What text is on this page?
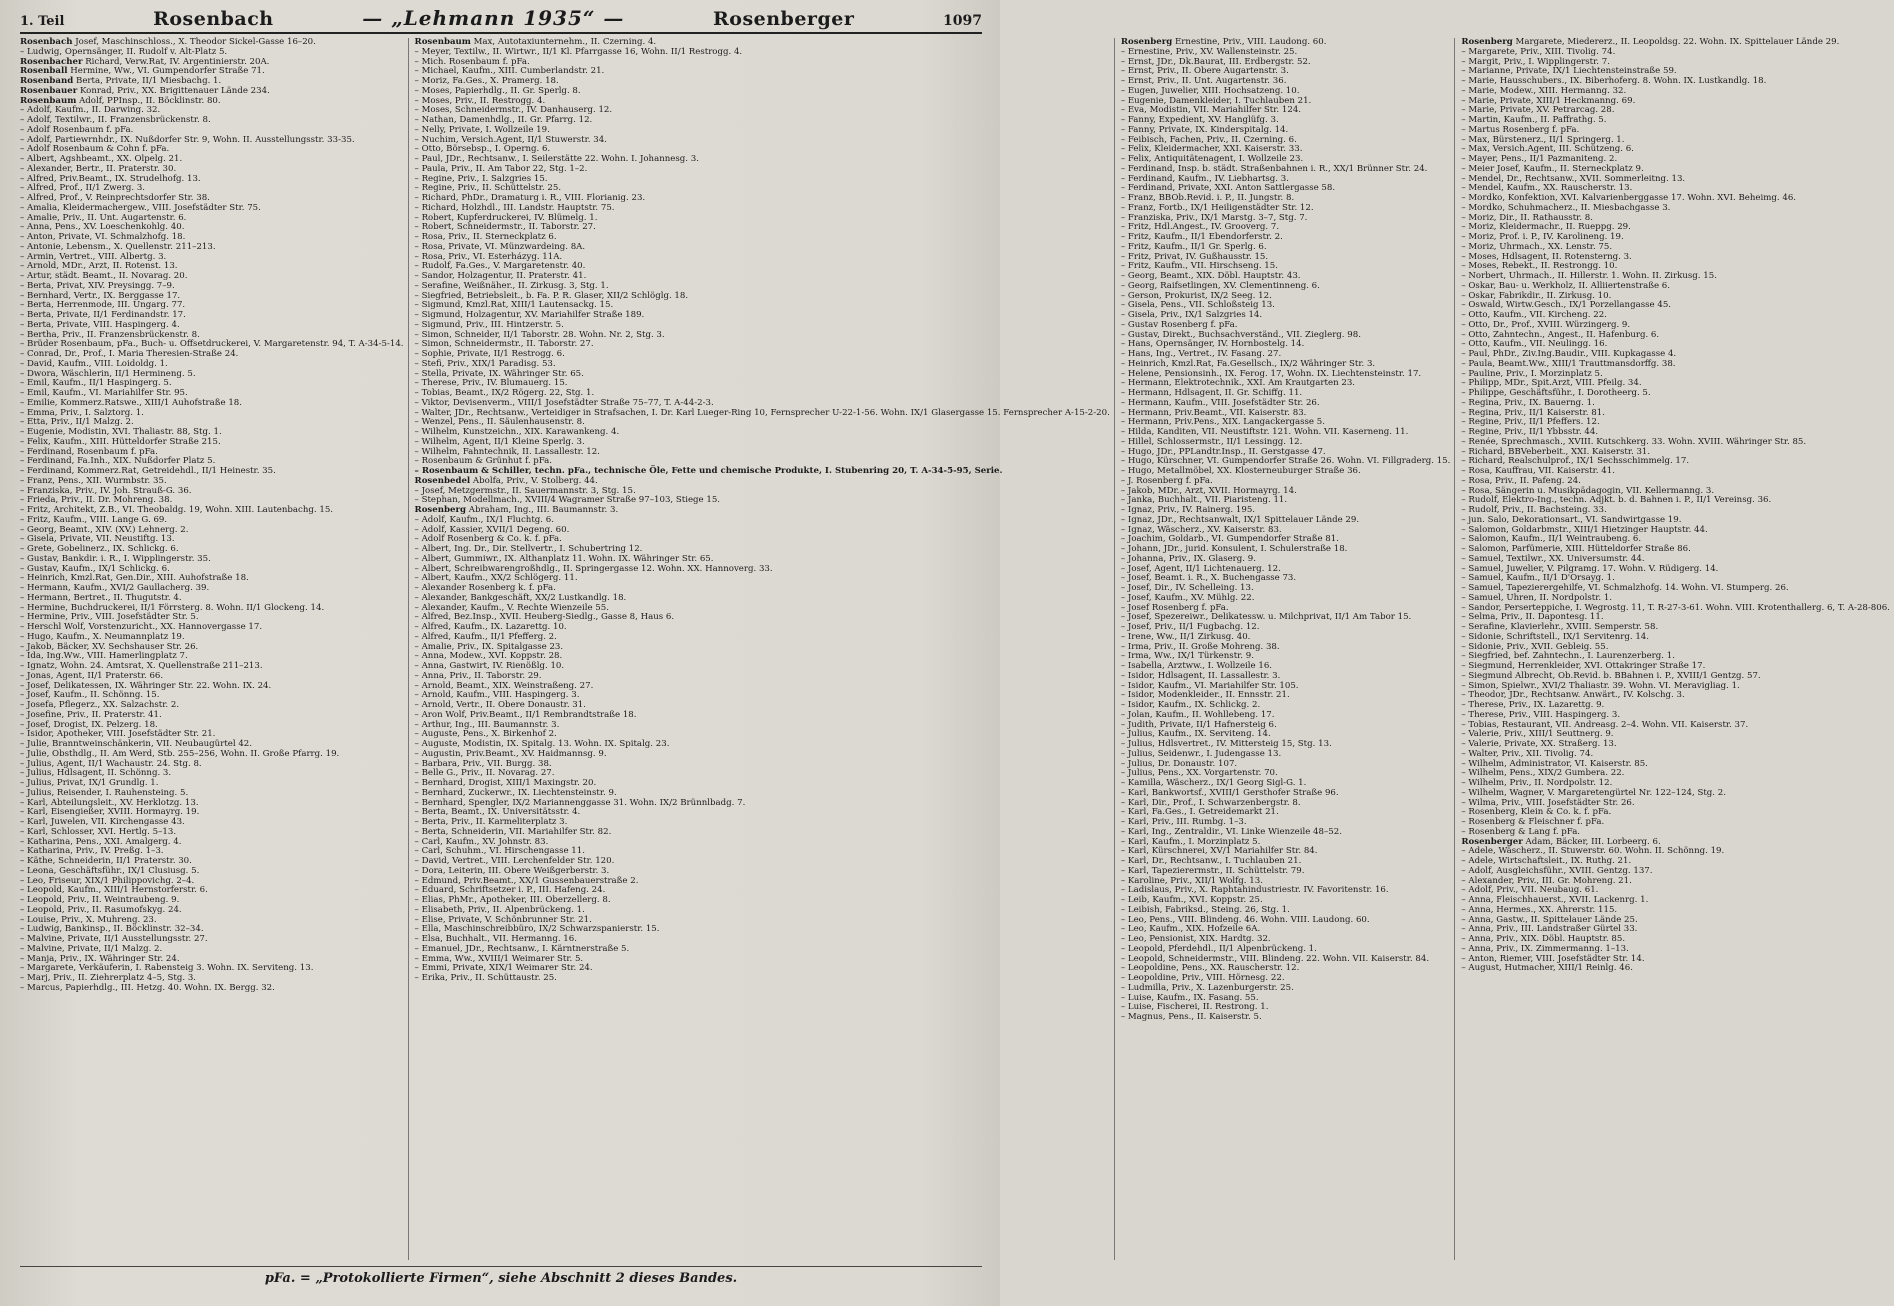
1. Teil	Rosenbach	— „Lehmann 1935“ —	Rosenberger	1097
Rosenbach Josef, Maschinschloss., X. Theodor Sickel-Gasse 16–20.
– Ludwig, Opernsänger, II. Rudolf v. Alt-Platz 5.
Rosenbacher Richard, Verw.Rat, IV. Argentinierstr. 20A.
Rosenball Hermine, Ww., VI. Gumpendorfer Straße 71.
Rosenband Berta, Private, II/1 Miesbachg. 1.
Rosenbauer Konrad, Priv., XX. Brigittenauer Lände 234.
Rosenbaum Adolf, PPInsp., II. Böcklinstr. 80.
– Adolf, Kaufm., II. Darwing. 32.
– Adolf, Textilwr., II. Franzensbrückenstr. 8.
– Adolf Rosenbaum f. pFa.
– Adolf, Partiewrnhdr., IX. Nußdorfer Str. 9, Wohn. II. Ausstellungsstr. 33-35.
– Adolf Rosenbaum & Cohn f. pFa.
– Albert, Agshbeamt., XX. Olpelg. 21.
– Alexander, Bertr., II. Praterstr. 30.
– Alfred, Priv.Beamt., IX. Strudelhofg. 13.
– Alfred, Prof., II/1 Zwerg. 3.
– Alfred, Prof., V. Reinprechtsdorfer Str. 38.
– Amalia, Kleidermachergew., VIII. Josefstädter Str. 75.
– Amalie, Priv., II. Unt. Augartenstr. 6.
– Anna, Pens., XV. Loeschenkohlg. 40.
– Anton, Private, VI. Schmalzhofg. 18.
– Antonie, Lebensm., X. Quellenstr. 211–213.
– Armin, Vertret., VIII. Albertg. 3.
– Arnold, MDr., Arzt, II. Rotenst. 13.
– Artur, städt. Beamt., II. Novarag. 20.
– Berta, Privat, XIV. Preysingg. 7–9.
– Bernhard, Vertr., IX. Berggasse 17.
– Berta, Herrenmode, III. Ungarg. 77.
– Berta, Private, II/1 Ferdinandstr. 17.
– Berta, Private, VIII. Haspingerg. 4.
– Bertha, Priv., II. Franzensbrückenstr. 8.
– Brüder Rosenbaum, pFa., Buch- u. Offsetdruckerei, V. Margaretenstr. 94, T. A-34-5-14.
– Conrad, Dr., Prof., I. Maria Theresien-Straße 24.
– David, Kaufm., VIII. Loidoldg. 1.
– Dwora, Wäschlerin, II/1 Hermineng. 5.
– Emil, Kaufm., II/1 Haspingerg. 5.
– Emil, Kaufm., VI. Mariahilfer Str. 95.
– Emilie, Kommerz.Ratswe., XIII/1 Auhofstraße 18.
– Emma, Priv., I. Salztorg. 1.
– Etta, Priv., II/1 Malzg. 2.
– Eugenie, Modistin, XVI. Thaliastr. 88, Stg. 1.
– Felix, Kaufm., XIII. Hütteldorfer Straße 215.
– Ferdinand, Rosenbaum f. pFa.
– Ferdinand, Fa.Inh., XIX. Nußdorfer Platz 5.
– Ferdinand, Kommerz.Rat, Getreidehdl., II/1 Heinestr. 35.
– Franz, Pens., XII. Wurmbstr. 35.
– Franziska, Priv., IV. Joh. Strauß-G. 36.
– Frieda, Priv., II. Dr. Mohreng. 38.
– Fritz, Architekt, Z.B., VI. Theobaldg. 19, Wohn. XIII. Lautenbachg. 15.
– Fritz, Kaufm., VIII. Lange G. 69.
– Georg, Beamt., XIV. (XV.) Lehnerg. 2.
– Gisela, Private, VII. Neustiftg. 13.
– Grete, Gobelinerz., IX. Schlickg. 6.
– Gustav, Bankdir. i. R., I. Wipplingerstr. 35.
– Gustav, Kaufm., IX/1 Schlickg. 6.
– Heinrich, Kmzl.Rat, Gen.Dir., XIII. Auhofstraße 18.
– Hermann, Kaufm., XVI/2 Gaullacherg. 39.
– Hermann, Bertret., II. Thugutstr. 4.
– Hermine, Buchdruckerei, II/1 Förrsterg. 8. Wohn. II/1 Glockeng. 14.
– Hermine, Priv., VIII. Josefstädter Str. 5.
– Herschl Wolf, Vorstenzuricht., XX. Hannovergasse 17.
– Hugo, Kaufm., X. Neumannplatz 19.
– Jakob, Bäcker, XV. Sechshauser Str. 26.
– Ida, Ing.Ww., VIII. Hamerlingplatz 7.
– Ignatz, Wohn. 24. Amtsrat, X. Quellenstraße 211–213.
– Jonas, Agent, II/1 Praterstr. 66.
– Josef, Delikatessen, IX. Währinger Str. 22. Wohn. IX. 24.
– Josef, Kaufm., II. Schönng. 15.
– Josefa, Pflegerz., XX. Salzachstr. 2.
– Josefine, Priv., II. Praterstr. 41.
– Josef, Drogist, IX. Pelzerg. 18.
– Isidor, Apotheker, VIII. Josefstädter Str. 21.
– Julie, Branntweinschänkerin, VII. Neubaugürtel 42.
– Julie, Obsthdlg., II. Am Werd, Stb. 255–256, Wohn. II. Große Pfarrg. 19.
– Julius, Agent, II/1 Wachaustr. 24. Stg. 8.
– Julius, Hdlsagent, II. Schönng. 3.
– Julius, Privat, IX/1 Grundlg. 1.
– Julius, Reisender, I. Rauhensteing. 5.
– Karl, Abteilungsleit., XV. Herklotzg. 13.
– Karl, Eisengießer, XVIII. Hormayrg. 19.
– Karl, Juwelen, VII. Kirchengasse 43.
– Karl, Schlosser, XVI. Hertlg. 5–13.
– Katharina, Pens., XXI. Amalgerg. 4.
– Katharina, Priv., IV. Preßg. 1–3.
– Käthe, Schneiderin, II/1 Praterstr. 30.
– Leona, Geschäftsführ., IX/1 Clusiusg. 5.
– Leo, Friseur, XIX/1 Philippovichg. 2–4.
– Leopold, Kaufm., XIII/1 Hernstorferstr. 6.
– Leopold, Priv., II. Weintraubeng. 9.
– Leopold, Priv., II. Rasumofskyg. 24.
– Louise, Priv., X. Muhreng. 23.
– Ludwig, Bankinsp., II. Böcklinstr. 32–34.
– Malvine, Private, II/1 Ausstellungsstr. 27.
– Malvine, Private, II/1 Malzg. 2.
– Manja, Priv., IX. Währinger Str. 24.
– Margarete, Verkäuferin, I. Rabensteig 3. Wohn. IX. Serviteng. 13.
– Marj, Priv., II. Ziehrerplatz 4–5, Stg. 3.
– Marcus, Papierhdlg., III. Hetzg. 40. Wohn. IX. Bergg. 32.
Rosenbaum Max, Autotaxiunternehm., II. Czerning. 4.
– Meyer, Textilw., II. Wirtwr., II/1 Kl. Pfarrgasse 16, Wohn. II/1 Restrogg. 4.
– Mich. Rosenbaum f. pFa.
– Michael, Kaufm., XIII. Cumberlandstr. 21.
– Moriz, Fa.Ges., X. Pramerg. 18.
– Moses, Papierhdlg., II. Gr. Sperlg. 8.
– Moses, Priv., II. Restrogg. 4.
– Moses, Schneidermstr., IV. Danhauserg. 12.
– Nathan, Damenhdlg., II. Gr. Pfarrg. 12.
– Nelly, Private, I. Wollzeile 19.
– Nuchim, Versich.Agent, II/1 Stuwerstr. 34.
– Otto, Börsebsp., I. Operng. 6.
– Paul, JDr., Rechtsanw., I. Seilerstätte 22. Wohn. I. Johannesg. 3.
– Paula, Priv., II. Am Tabor 22, Stg. 1–2.
– Regine, Priv., I. Salzgries 15.
– Regine, Priv., II. Schüttelstr. 25.
– Richard, PhDr., Dramaturg i. R., VIII. Florianig. 23.
– Richard, Holzhdl., III. Landstr. Hauptstr. 75.
– Robert, Kupferdruckerei, IV. Blümelg. 1.
– Robert, Schneidermstr., II. Taborstr. 27.
– Rosa, Priv., II. Sterneckplatz 6.
– Rosa, Private, VI. Münzwardeing. 8A.
– Rosa, Priv., VI. Esterházyg. 11A.
– Rudolf, Fa.Ges., V. Margaretenstr. 40.
– Sandor, Holzagentur, II. Praterstr. 41.
– Serafine, Weißnäher., II. Zirkusg. 3, Stg. 1.
– Siegfried, Betriebsleit., b. Fa. P. R. Glaser, XII/2 Schlöglg. 18.
– Sigmund, Kmzl.Rat, XIII/1 Lautensackg. 15.
– Sigmund, Holzagentur, XV. Mariahilfer Straße 189.
– Sigmund, Priv., III. Hintzerstr. 5.
– Simon, Schneider, II/1 Taborstr. 28. Wohn. Nr. 2, Stg. 3.
– Simon, Schneidermstr., II. Taborstr. 27.
– Sophie, Private, II/1 Restrogg. 6.
– Stefi, Priv., XIX/1 Paradisg. 53.
– Stella, Private, IX. Währinger Str. 65.
– Therese, Priv., IV. Blumauerg. 15.
– Tobias, Beamt., IX/2 Rögerg. 22, Stg. 1.
– Viktor, Devisenverm., VIII/1 Josefstädter Straße 75–77, T. A-44-2-3.
– Walter, JDr., Rechtsanw., Verteidiger in Strafsachen, I. Dr. Karl Lueger-Ring 10, Fernsprecher U-22-1-56. Wohn. IX/1 Glasergasse 15. Fernsprecher A-15-2-20.
– Wenzel, Pens., II. Säulenhausenstr. 8.
– Wilhelm, Kunstzeichn., XIX. Karawankeng. 4.
– Wilhelm, Agent, II/1 Kleine Sperlg. 3.
– Wilhelm, Fahntechnik, II. Lassallestr. 12.
– Rosenbaum & Grünhut f. pFa.
– Rosenbaum & Schiller, techn. pFa., technische Öle, Fette und chemische Produkte, I. Stubenring 20, T. A-34-5-95, Serie.
Rosenbedel Abolfa, Priv., V. Stolberg. 44.
– Josef, Metzgermstr., II. Sauermannstr. 3, Stg. 15.
– Stephan, Modellmach., XVIII/4 Wagramer Straße 97–103, Stiege 15.
Rosenberg Abraham, Ing., III. Baumannstr. 3.
– Adolf, Kaufm., IX/1 Fluchtg. 6.
– Adolf, Kassier, XVII/1 Degeng. 60.
– Adolf Rosenberg & Co. k. f. pFa.
– Albert, Ing. Dr., Dir. Stellvertr., I. Schubertring 12.
– Albert, Gummiwr., IX. Althanplatz 11. Wohn. IX. Währinger Str. 65.
– Albert, Schreibwarengroßhdlg., II. Springergasse 12. Wohn. XX. Hannoverg. 33.
– Albert, Kaufm., XX/2 Schlögerg. 11.
– Alexander Rosenberg k. f. pFa.
– Alexander, Bankgeschäft, XX/2 Lustkandlg. 18.
– Alexander, Kaufm., V. Rechte Wienzeile 55.
– Alfred, Bez.Insp., XVII. Heuberg-Siedlg., Gasse 8, Haus 6.
– Alfred, Kaufm., IX. Lazarettg. 10.
– Alfred, Kaufm., II/1 Pfefferg. 2.
– Amalie, Priv., IX. Spitalgasse 23.
– Anna, Modew., XVI. Koppstr. 28.
– Anna, Gastwirt, IV. Rienößlg. 10.
– Anna, Priv., II. Taborstr. 29.
– Arnold, Beamt., XIX. Weinstraßeng. 27.
– Arnold, Kaufm., VIII. Haspingerg. 3.
– Arnold, Vertr., II. Obere Donaustr. 31.
– Aron Wolf, Priv.Beamt., II/1 Rembrandtstraße 18.
– Arthur, Ing., III. Baumannstr. 3.
– Auguste, Pens., X. Birkenhof 2.
– Auguste, Modistin, IX. Spitalg. 13. Wohn. IX. Spitalg. 23.
– Augustin, Priv.Beamt., XV. Haidmannsg. 9.
– Barbara, Priv., VII. Burgg. 38.
– Belle G., Priv., II. Novarag. 27.
– Bernhard, Drogist, XIII/1 Maxingstr. 20.
– Bernhard, Zuckerwr., IX. Liechtensteinstr. 9.
– Bernhard, Spengler, IX/2 Mariannenggasse 31. Wohn. IX/2 Brünnlbadg. 7.
– Berta, Beamt., IX. Universitätsstr. 4.
– Berta, Priv., II. Karmeliterplatz 3.
– Berta, Schneiderin, VII. Mariahilfer Str. 82.
– Carl, Kaufm., XV. Johnstr. 83.
– Carl, Schuhm., VI. Hirschengasse 11.
– David, Vertret., VIII. Lerchenfelder Str. 120.
– Dora, Leiterin, III. Obere Weißgerberstr. 3.
– Edmund, Priv.Beamt., XX/1 Gussenbauerstraße 2.
– Eduard, Schriftsetzer i. P., III. Hafeng. 24.
– Elias, PhMr., Apotheker, III. Oberzellerg. 8.
– Elisabeth, Priv., II. Alpenbrückeng. 1.
– Elise, Private, V. Schönbrunner Str. 21.
– Ella, Maschinschreibbüro, IX/2 Schwarzspanierstr. 15.
– Elsa, Buchhalt., VII. Hermanng. 16.
– Emanuel, JDr., Rechtsanw., I. Kärntnerstraße 5.
– Emma, Ww., XVIII/1 Weimarer Str. 5.
– Emmi, Private, XIX/1 Weimarer Str. 24.
– Erika, Priv., II. Schüttaustr. 25.
Rosenberg Ernestine, Priv., VIII. Laudong. 60.
– Ernestine, Priv., XV. Wallensteinstr. 25.
– Ernst, JDr., Dk.Baurat, III. Erdbergstr. 52.
– Ernst, Priv., II. Obere Augartenstr. 3.
– Ernst, Priv., II. Unt. Augartenstr. 36.
– Eugen, Juwelier, XIII. Hochsatzeng. 10.
– Eugenie, Damenkleider, I. Tuchlauben 21.
– Eva, Modistin, VII. Mariahilfer Str. 124.
– Fanny, Expedient, XV. Hanglüfg. 3.
– Fanny, Private, IX. Kinderspitalg. 14.
– Feibisch, Fachen, Priv., II. Czerning. 6.
– Felix, Kleidermacher, XXI. Kaiserstr. 33.
– Felix, Antiquitätenagent, I. Wollzeile 23.
– Ferdinand, Insp. b. städt. Straßenbahnen i. R., XX/1 Brünner Str. 24.
– Ferdinand, Kaufm., IV. Liebhartsg. 3.
– Ferdinand, Private, XXI. Anton Sattlergasse 58.
– Franz, BBOb.Revid. i. P., II. Jungstr. 8.
– Franz, Fortb., IX/1 Heiligenstädter Str. 12.
– Franziska, Priv., IX/1 Marstg. 3–7, Stg. 7.
– Fritz, Hdl.Angest., IV. Grooverg. 7.
– Fritz, Kaufm., II/1 Ebendorferstr. 2.
– Fritz, Kaufm., II/1 Gr. Sperlg. 6.
– Fritz, Privat, IV. Gußhausstr. 15.
– Fritz, Kaufm., VII. Hirschseng. 15.
– Georg, Beamt., XIX. Döbl. Hauptstr. 43.
– Georg, Raifsetlingen, XV. Clementinneng. 6.
– Gerson, Prokurist, IX/2 Seeg. 12.
– Gisela, Pens., VII. Schloßsteig 13.
– Gisela, Priv., IX/1 Salzgries 14.
– Gustav Rosenberg f. pFa.
– Gustav, Direkt., Buchsachverständ., VII. Zieglerg. 98.
– Hans, Opernsänger, IV. Hornbostelg. 14.
– Hans, Ing., Vertret., IV. Fasang. 27.
– Heinrich, Kmzl.Rat, Fa.Gesellsch., IX/2 Währinger Str. 3.
– Helene, Pensionsinh., IX. Ferog. 17, Wohn. IX. Liechtensteinstr. 17.
– Hermann, Elektrotechnik., XXI. Am Krautgarten 23.
– Hermann, Hdlsagent, II. Gr. Schiffg. 11.
– Hermann, Kaufm., VIII. Josefstädter Str. 26.
– Hermann, Priv.Beamt., VII. Kaiserstr. 83.
– Hermann, Priv.Pens., XIX. Langackergasse 5.
– Hilda, Kanditen, VII. Neustiftstr. 121. Wohn. VII. Kaserneng. 11.
– Hillel, Schlossermstr., II/1 Lessingg. 12.
– Hugo, JDr., PPLandtr.Insp., II. Gerstgasse 47.
– Hugo, Kürschner, VI. Gumpendorfer Straße 26. Wohn. VI. Fillgraderg. 15.
– Hugo, Metallmöbel, XX. Klosterneuburger Straße 36.
– J. Rosenberg f. pFa.
– Jakob, MDr., Arzt, XVII. Hormayrg. 14.
– Janka, Buchhalt., VII. Piaristeng. 11.
– Ignaz, Priv., IV. Rainerg. 195.
– Ignaz, JDr., Rechtsanwalt, IX/1 Spittelauer Lände 29.
– Ignaz, Wäscherz., XV. Kaiserstr. 83.
– Joachim, Goldarb., VI. Gumpendorfer Straße 81.
– Johann, JDr., jurid. Konsulent, I. Schulerstraße 18.
– Johanna, Priv., IX. Glaserg. 9.
– Josef, Agent, II/1 Lichtenauerg. 12.
– Josef, Beamt. i. R., X. Buchengasse 73.
– Josef, Dir., IV. Schelleing. 13.
– Josef, Kaufm., XV. Mühlg. 22.
– Josef Rosenberg f. pFa.
– Josef, Spezereiwr., Delikatessw. u. Milchprivat, II/1 Am Tabor 15.
– Josef, Priv., II/1 Fugbachg. 12.
– Irene, Ww., II/1 Zirkusg. 40.
– Irma, Priv., II. Große Mohreng. 38.
– Irma, Ww., IX/1 Türkenstr. 9.
– Isabella, Arztww., I. Wollzeile 16.
– Isidor, Hdlsagent, II. Lassallestr. 3.
– Isidor, Kaufm., VI. Mariahilfer Str. 105.
– Isidor, Modenkleider., II. Ennsstr. 21.
– Isidor, Kaufm., IX. Schlickg. 2.
– Jolan, Kaufm., II. Wohllebeng. 17.
– Judith, Private, II/1 Hafnersteig 6.
– Julius, Kaufm., IX. Servitenɡ. 14.
– Julius, Hdlsvertret., IV. Mittersteig 15, Stg. 13.
– Julius, Seidenwr., I. Judengasse 13.
– Julius, Dr. Donaustr. 107.
– Julius, Pens., XX. Vorgartenstr. 70.
– Kamilla, Wäscherz., IX/1 Georg Sigl-G. 1.
– Karl, Bankwortsf., XVIII/1 Gersthofer Straße 96.
– Karl, Dir., Prof., I. Schwarzenbergstr. 8.
– Karl, Fa.Ges., I. Getreidemarkt 21.
– Karl, Priv., III. Rumbg. 1–3.
– Karl, Ing., Zentraldir., VI. Linke Wienzeile 48–52.
– Karl, Kaufm., I. Morzinplatz 5.
– Karl, Kürschnerei, XV/1 Mariahilfer Str. 84.
– Karl, Dr., Rechtsanw., I. Tuchlauben 21.
– Karl, Tapezierermstr., II. Schüttelstr. 79.
– Karoline, Priv., XII/1 Wolfg. 13.
– Ladislaus, Priv., X. Raphtahindustriestr. IV. Favoritenstr. 16.
– Leib, Kaufm., XVI. Koppstr. 25.
– Leibish, Fabriksd., Steing. 26, Stg. 1.
– Leo, Pens., VIII. Blindeng. 46. Wohn. VIII. Laudong. 60.
– Leo, Kaufm., XIX. Hofzeile 6A.
– Leo, Pensionist, XIX. Hardtg. 32.
– Leopold, Pferdehdl., II/1 Alpenbrückeng. 1.
– Leopold, Schneidermstr., VIII. Blindeng. 22. Wohn. VII. Kaiserstr. 84.
– Leopoldine, Pens., XX. Rauscherstr. 12.
– Leopoldine, Priv., VIII. Hörnesg. 22.
– Ludmilla, Priv., X. Lazenburgerstr. 25.
– Luise, Kaufm., IX. Fasang. 55.
– Luise, Fischerei, II. Restrong. 1.
– Magnus, Pens., II. Kaiserstr. 5.
Rosenberg Margarete, Miedererz., II. Leopoldsg. 22. Wohn. IX. Spittelauer Lände 29.
– Margarete, Priv., XIII. Tivolig. 74.
– Margit, Priv., I. Wipplingerstr. 7.
– Marianne, Private, IX/1 Liechtensteinstraße 59.
– Marie, Hausschubers., IX. Biberhoferg. 8. Wohn. IX. Lustkandlg. 18.
– Marie, Modew., XIII. Hermanng. 32.
– Marie, Private, XIII/1 Heckmanng. 69.
– Marie, Private, XV. Petrarcag. 28.
– Martin, Kaufm., II. Paffrathg. 5.
– Martus Rosenberg f. pFa.
– Max, Bürstenerz., II/1 Springerg. 1.
– Max, Versich.Agent, III. Schützeng. 6.
– Mayer, Pens., II/1 Pazmaniteng. 2.
– Meier Josef, Kaufm., II. Sterneckplatz 9.
– Mendel, Dr., Rechtsanw., XVII. Sommerleitng. 13.
– Mendel, Kaufm., XX. Rauscherstr. 13.
– Mordko, Konfektion, XVI. Kalvarienberggasse 17. Wohn. XVI. Beheimg. 46.
– Mordko, Schuhmacherz., II. Miesbachgasse 3.
– Moriz, Dir., II. Rathausstr. 8.
– Moriz, Kleidermachr., II. Rueppg. 29.
– Moriz, Prof. i. P., IV. Karolineng. 19.
– Moriz, Uhrmach., XX. Lenstr. 75.
– Moses, Hdlsagent, II. Rotensterng. 3.
– Moses, Rebekt., II. Restrongg. 10.
– Norbert, Uhrmach., II. Hillerstr. 1. Wohn. II. Zirkusg. 15.
– Oskar, Bau- u. Werkholz, II. Alliiertenstraße 6.
– Oskar, Fabrikdir., II. Zirkusg. 10.
– Oswald, Wirtw.Gesch., IX/1 Porzellangasse 45.
– Otto, Kaufm., VII. Kircheng. 22.
– Otto, Dr., Prof., XVIII. Würzingerg. 9.
– Otto, Zahntechn., Angest., II. Hafenburg. 6.
– Otto, Kaufm., VII. Neulingg. 16.
– Paul, PhDr., Ziv.Ing.Baudir., VIII. Kupkagasse 4.
– Paula, Beamt.Ww., XIII/1 Trauttmansdorffg. 38.
– Pauline, Priv., I. Morzinplatz 5.
– Philipp, MDr., Spit.Arzt, VIII. Pfeilg. 34.
– Philippe, Geschäftsführ., I. Dorotheerg. 5.
– Regina, Priv., IX. Bauerng. 1.
– Regina, Priv., II/1 Kaiserstr. 81.
– Regine, Priv., II/1 Pfeffers. 12.
– Regine, Priv., II/1 Ybbsstr. 44.
– Renée, Sprechmasch., XVIII. Kutschkerg. 33. Wohn. XVIII. Währinger Str. 85.
– Richard, BBVeberbeit., XXI. Kaiserstr. 31.
– Richard, Realschulprof., IX/1 Sechsschimmelg. 17.
– Rosa, Kauffrau, VII. Kaiserstr. 41.
– Rosa, Priv., II. Pafeng. 24.
– Rosa, Sängerin u. Musikpädagogin, VII. Kellermanng. 3.
– Rudolf, Elektro-Ing., techn. Adjkt. b. d. Bahnen i. P., II/1 Vereinsg. 36.
– Rudolf, Priv., II. Bachsteing. 33.
– jun. Salo, Dekorationsart., VI. Sandwirtgasse 19.
– Salomon, Goldarbmstr., XIII/1 Hietzinger Hauptstr. 44.
– Salomon, Kaufm., II/1 Weintraubeng. 6.
– Salomon, Parfümerie, XIII. Hütteldorfer Straße 86.
– Samuel, Textilwr., XX. Universumstr. 44.
– Samuel, Juwelier, V. Pilgramg. 17. Wohn. V. Rüdigerg. 14.
– Samuel, Kaufm., II/1 D'Orsayg. 1.
– Samuel, Tapezierergehilfe, VI. Schmalzhofg. 14. Wohn. VI. Stumperg. 26.
– Samuel, Uhren, II. Nordpolstr. 1.
– Sandor, Perserteppiche, I. Wegrostg. 11, T. R-27-3-61. Wohn. VIII. Krotenthallerg. 6, T. A-28-806.
– Selma, Priv., II. Dapontesg. 11.
– Serafine, Klavierlehr., XVIII. Semperstr. 58.
– Sidonie, Schriftstell., IX/1 Servitenrg. 14.
– Sidonie, Priv., XVII. Gebleig. 55.
– Siegfried, bef. Zahntechn., I. Laurenzerberg. 1.
– Siegmund, Herrenkleider, XVI. Ottakringer Straße 17.
– Siegmund Albrecht, Ob.Revid. b. BBahnen i. P., XVIII/1 Gentzg. 57.
– Simon, Spielwr., XVI/2 Thaliastr. 39. Wohn. VI. Meravigliag. 1.
– Theodor, JDr., Rechtsanw. Anwärt., IV. Kolschg. 3.
– Therese, Priv., IX. Lazarettg. 9.
– Therese, Priv., VIII. Haspingerg. 3.
– Tobias, Restaurant, VII. Andreasg. 2–4. Wohn. VII. Kaiserstr. 37.
– Valerie, Priv., XIII/1 Seuttnerg. 9.
– Valerie, Private, XX. Straßerg. 13.
– Walter, Priv., XII. Tivolig. 74.
– Wilhelm, Administrator, VI. Kaiserstr. 85.
– Wilhelm, Pens., XIX/2 Gumbera. 22.
– Wilhelm, Priv., II. Nordpolstr. 12.
– Wilhelm, Wagner, V. Margaretengürtel Nr. 122–124, Stg. 2.
– Wilma, Priv., VIII. Josefstädter Str. 26.
– Rosenberg, Klein & Co. k. f. pFa.
– Rosenberg & Fleischner f. pFa.
– Rosenberg & Lang f. pFa.
Rosenberger Adam, Bäcker, III. Lorbeerg. 6.
– Adele, Wäscherz., II. Stuwerstr. 60. Wohn. II. Schönng. 19.
– Adele, Wirtschaftsleit., IX. Ruthg. 21.
– Adolf, Ausgleichsführ., XVIII. Gentzg. 137.
– Alexander, Priv., III. Gr. Mohreng. 21.
– Adolf, Priv., VII. Neubaug. 61.
– Anna, Fleischhauerst., XVII. Lackenrg. 1.
– Anna, Hermes., XX. Ahrerstr. 115.
– Anna, Gastw., II. Spittelauer Lände 25.
– Anna, Priv., III. Landstraßer Gürtel 33.
– Anna, Priv., XIX. Döbl. Hauptstr. 85.
– Anna, Priv., IX. Zimmermanng. 1–13.
– Anton, Riemer, VIII. Josefstädter Str. 14.
– August, Hutmacher, XIII/1 Reinlg. 46.
pFa. = „Protokollierte Firmen“, siehe Abschnitt 2 dieses Bandes.
